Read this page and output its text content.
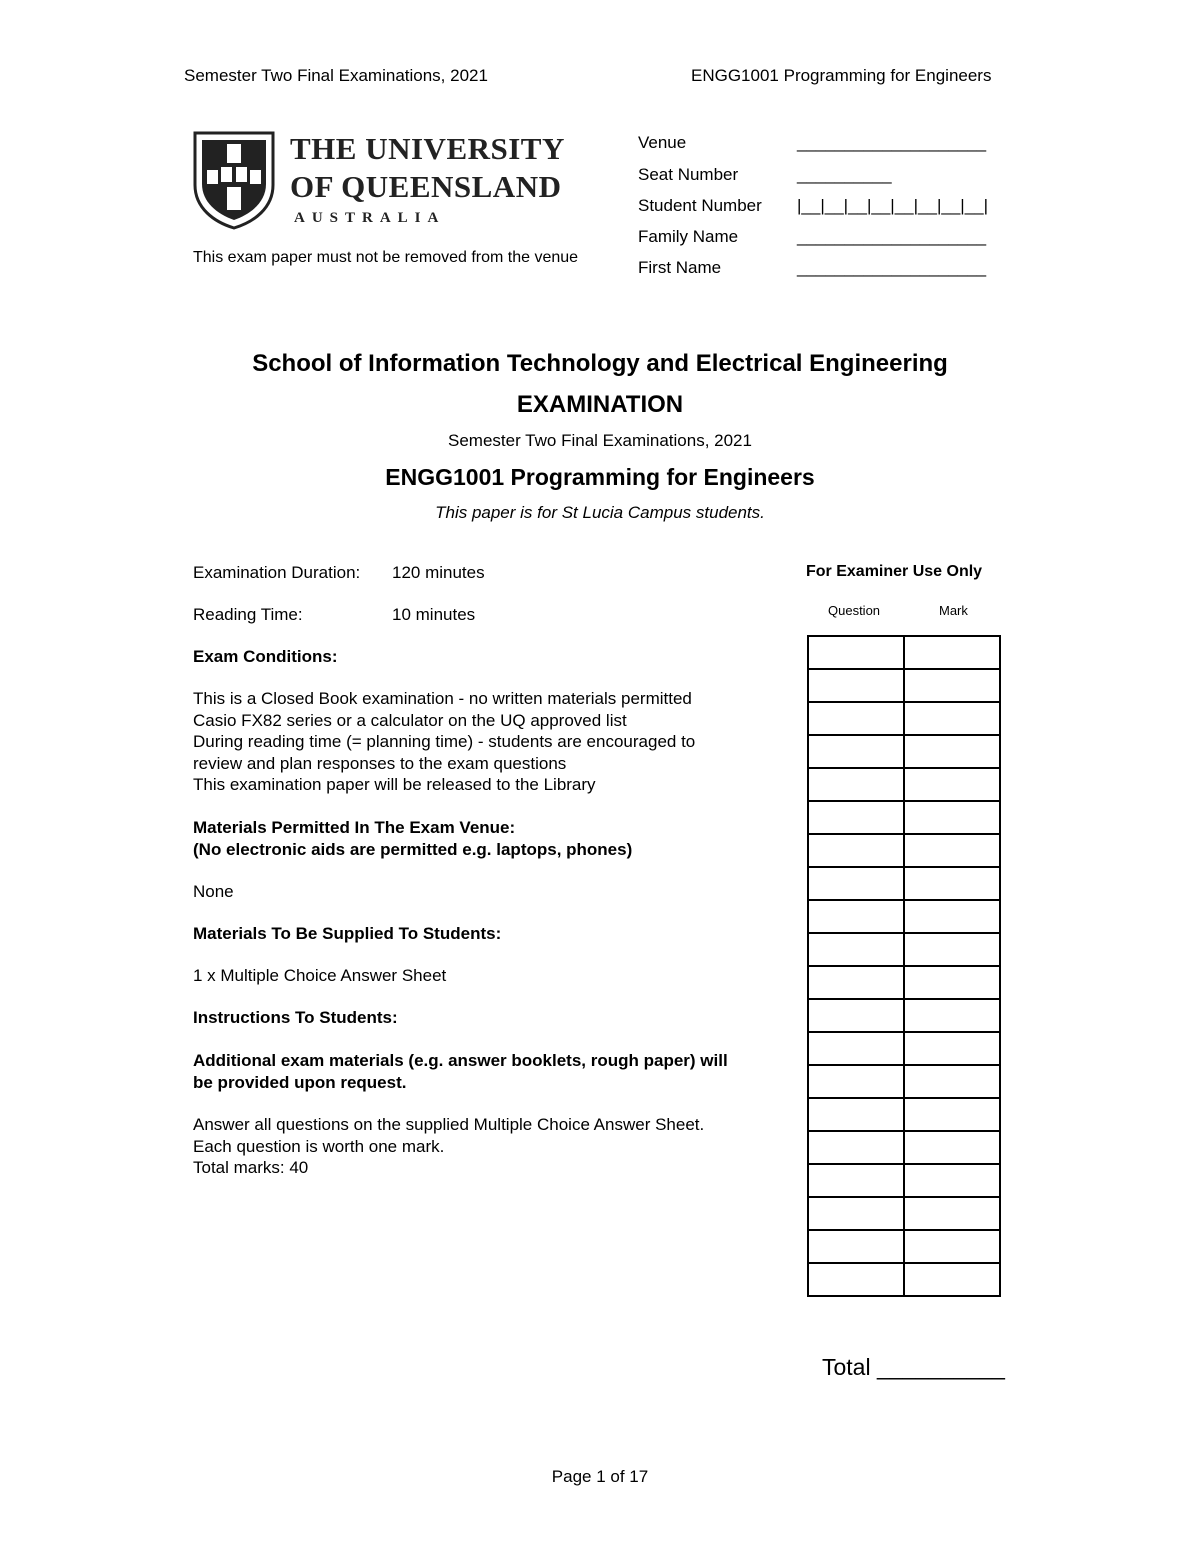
Semester Two Final Examinations, 2021	ENGG1001 Programming for Engineers
THE UNIVERSITY
OF QUEENSLAND
AUSTRALIA
This exam paper must not be removed from the venue
Venue	____________________
Seat Number	__________
Student Number |__|__|__|__|__|__|__|__|
Family Name	____________________
First Name	____________________
School of Information Technology and Electrical Engineering
EXAMINATION
Semester Two Final Examinations, 2021
ENGG1001 Programming for Engineers
This paper is for St Lucia Campus students.
Examination Duration: 120 minutes
Reading Time:	10 minutes
Exam Conditions:
This is a Closed Book examination - no written materials permitted
Casio FX82 series or a calculator on the UQ approved list
During reading time (= planning time) - students are encouraged to
review and plan responses to the exam questions
This examination paper will be released to the Library
Materials Permitted In The Exam Venue:
(No electronic aids are permitted e.g. laptops, phones)
None
Materials To Be Supplied To Students:
1 x Multiple Choice Answer Sheet
Instructions To Students:
Additional exam materials (e.g. answer booklets, rough paper) will
be provided upon request.
Answer all questions on the supplied Multiple Choice Answer Sheet.
Each question is worth one mark.
Total marks: 40
For Examiner Use Only
Question	Mark

Total __________
Page 1 of 17
